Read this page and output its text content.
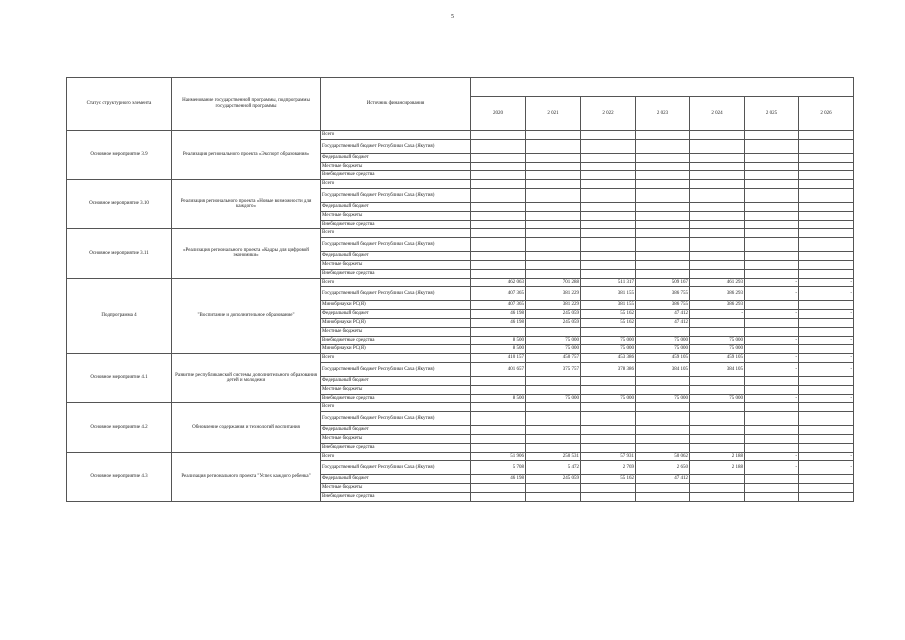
5
Статус структурного элемента	Наименование государственной программы, подпрограммы государственной программы	Источник финансирования							
			2020	2 021	2 022	2 023	2 024	2 025	2 026
Основное мероприятие 3.9	Реализация регионального проекта «Экспорт образования»	Всего							
		Государственный бюджет Республики Саха (Якутия)							
		Федеральный бюджет							
		Местные бюджеты							
		Внебюджетные средства							
Основное мероприятие 3.10	Реализация регионального проекта «Новые возможности для каждого»	Всего							
		Государственный бюджет Республики Саха (Якутия)							
		Федеральный бюджет							
		Местные бюджеты							
		Внебюджетные средства							
Основное мероприятие 3.11	«Реализация регионального проекта «Кадры для цифровой экономики»	Всего							
		Государственный бюджет Республики Саха (Якутия)							
		Федеральный бюджет							
		Местные бюджеты							
		Внебюджетные средства							
Подпрограмма 4	"Воспитание и дополнительное образование"	Всего	462 063	701 288	511 317	509 167	461 293	-	-
		Государственный бюджет Республики Саха (Якутия)	407 365	381 229	381 155	386 755	386 293	-	-
		Минобрнауки РС(Я)	407 365	381 229	381 155	386 755	386 293		
		Федеральный бюджет	46 198	245 059	55 162	47 412	-	-	-
		Минобрнауки РС(Я)	46 198	245 059	55 162	47 412			
		Местные бюджеты							
		Внебюджетные средства	8 500	75 000	75 000	75 000	75 000	-	-
		Минобрнауки РС(Я)	8 500	75 000	75 000	75 000	75 000		
Основное мероприятие 4.1	Развитие республиканской системы дополнительного образования детей и молодежи	Всего	410 157	450 757	453 386	459 105	459 105	-	-
		Государственный бюджет Республики Саха (Якутия)	401 657	375 757	378 386	384 105	384 105	-	-
		Федеральный бюджет							
		Местные бюджеты							
		Внебюджетные средства	8 500	75 000	75 000	75 000	75 000	-	-
Основное мероприятие 4.2	Обновление содержания и технологий воспитания	Всего							
		Государственный бюджет Республики Саха (Якутия)							
		Федеральный бюджет							
		Местные бюджеты							
		Внебюджетные средства							
Основное мероприятие 4.3	Реализация регионального проекта "Успех каждого ребенка"	Всего	51 906	250 531	57 931	50 062	2 188	-	-
		Государственный бюджет Республики Саха (Якутия)	5 708	5 472	2 769	2 650	2 188	-	-
		Федеральный бюджет	46 198	245 059	55 162	47 412			
		Местные бюджеты							
		Внебюджетные средства							
